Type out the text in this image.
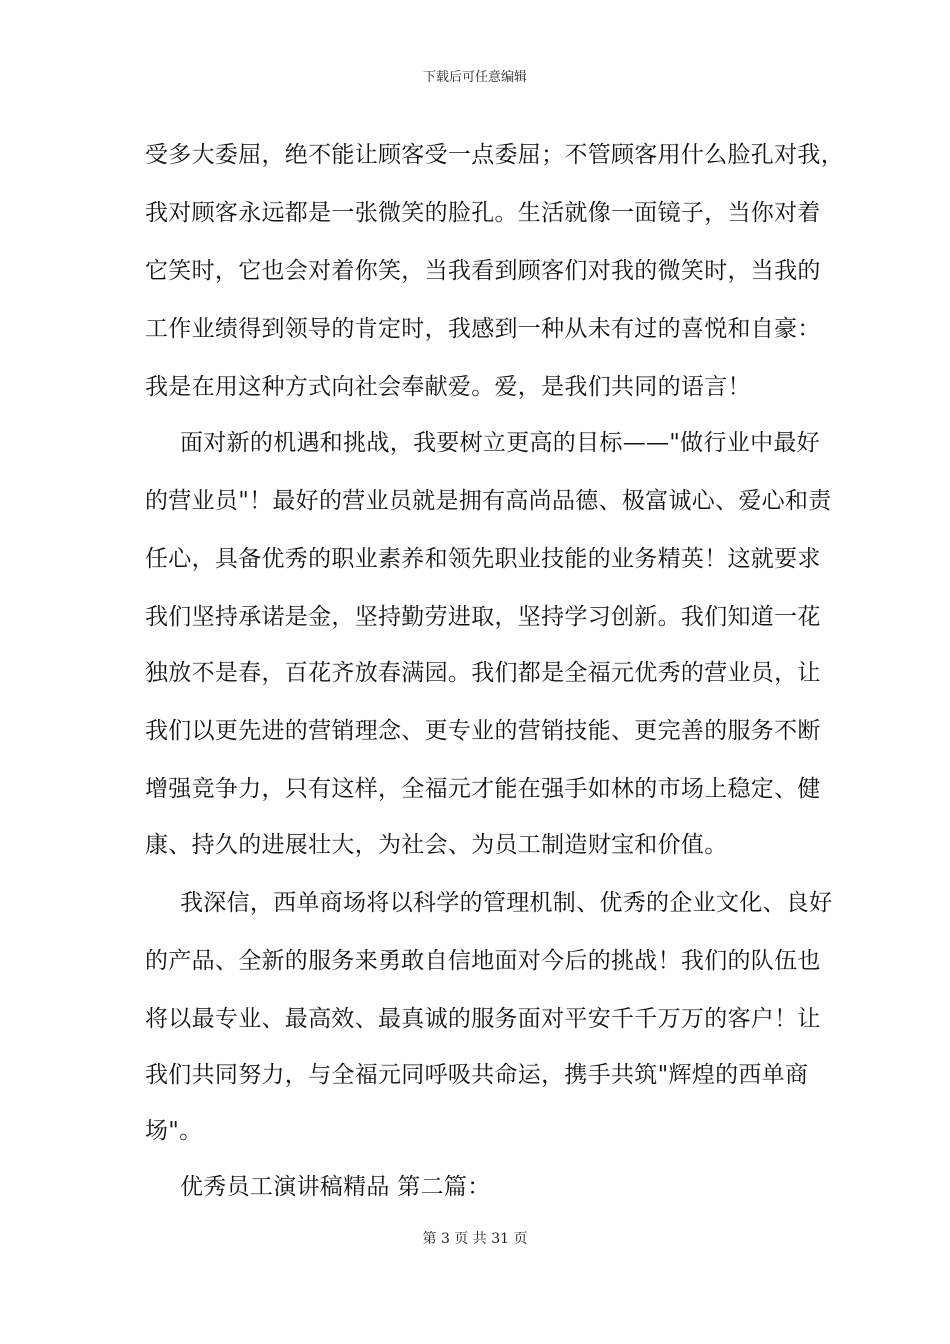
下载后可任意编辑
受多大委屈，绝不能让顾客受一点委屈；不管顾客用什么脸孔对我，
我对顾客永远都是一张微笑的脸孔。生活就像一面镜子，当你对着
它笑时，它也会对着你笑，当我看到顾客们对我的微笑时，当我的
工作业绩得到领导的肯定时，我感到一种从未有过的喜悦和自豪：
我是在用这种方式向社会奉献爱。爱，是我们共同的语言！
面对新的机遇和挑战，我要树立更高的目标——"做行业中最好
的营业员"！最好的营业员就是拥有高尚品德、极富诚心、爱心和责
任心，具备优秀的职业素养和领先职业技能的业务精英！这就要求
我们坚持承诺是金，坚持勤劳进取，坚持学习创新。我们知道一花
独放不是春，百花齐放春满园。我们都是全福元优秀的营业员，让
我们以更先进的营销理念、更专业的营销技能、更完善的服务不断
增强竞争力，只有这样，全福元才能在强手如林的市场上稳定、健
康、持久的进展壮大，为社会、为员工制造财宝和价值。
我深信，西单商场将以科学的管理机制、优秀的企业文化、良好
的产品、全新的服务来勇敢自信地面对今后的挑战！我们的队伍也
将以最专业、最高效、最真诚的服务面对平安千千万万的客户！让
我们共同努力，与全福元同呼吸共命运，携手共筑"辉煌的西单商
场"。
优秀员工演讲稿精品 第二篇：
第 3 页 共 31 页
